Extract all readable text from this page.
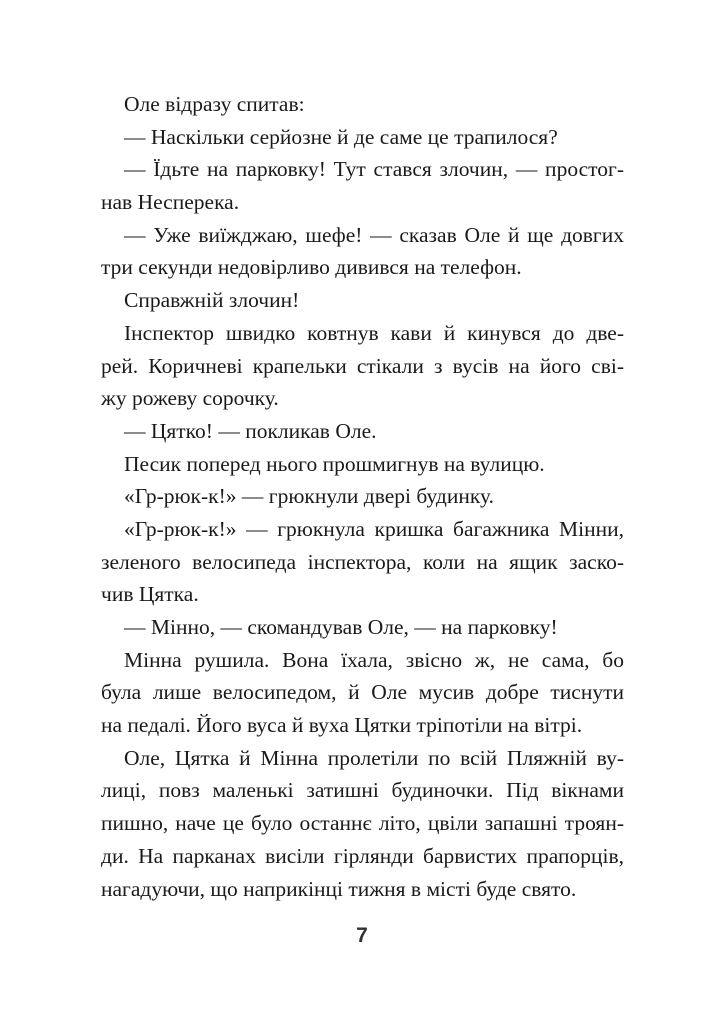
Оле відразу спитав:
— Наскільки серйозне й де саме це трапилося?
— Їдьте на парковку! Тут стався злочин, — простог-
нав Несперека.
— Уже виїжджаю, шефе! — сказав Оле й ще довгих
три секунди недовірливо дивився на телефон.
Справжній злочин!
Інспектор швидко ковтнув кави й кинувся до две-
рей. Коричневі крапельки стікали з вусів на його сві-
жу рожеву сорочку.
— Цятко! — покликав Оле.
Песик поперед нього прошмигнув на вулицю.
«Гр-рюк-к!» — грюкнули двері будинку.
«Гр-рюк-к!» — грюкнула кришка багажника Мінни,
зеленого велосипеда інспектора, коли на ящик заско-
чив Цятка.
— Мінно, — скомандував Оле, — на парковку!
Мінна рушила. Вона їхала, звісно ж, не сама, бо
була лише велосипедом, й Оле мусив добре тиснути
на педалі. Його вуса й вуха Цятки тріпотіли на вітрі.
Оле, Цятка й Мінна пролетіли по всій Пляжній ву-
лиці, повз маленькі затишні будиночки. Під вікнами
пишно, наче це було останнє літо, цвіли запашні троян-
ди. На парканах висіли гірлянди барвистих прапорців,
нагадуючи, що наприкінці тижня в місті буде свято.
7
